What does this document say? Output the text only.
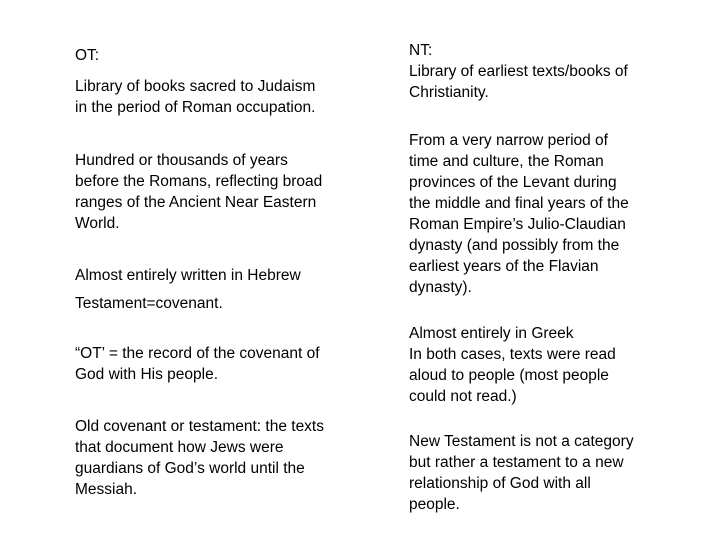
OT:
Library of books sacred to Judaism
in the period of Roman occupation.
Hundred or thousands of years
before the Romans, reflecting broad
ranges of the Ancient Near Eastern
World.
Almost entirely written in Hebrew
Testament=covenant.
“OT’ = the record of the covenant of
God with His people.
Old covenant or testament: the texts
that document how Jews were
guardians of God’s world until the
Messiah.
NT:
Library of earliest texts/books of
Christianity.
From a very narrow period of
time and culture, the Roman
provinces of the Levant during
the middle and final years of the
Roman Empire’s Julio-Claudian
dynasty (and possibly from the
earliest years of the Flavian
dynasty).
Almost entirely in Greek
In both cases, texts were read
aloud to people (most people
could not read.)
New Testament is not a category
but rather a testament to a new
relationship of God with all
people.
